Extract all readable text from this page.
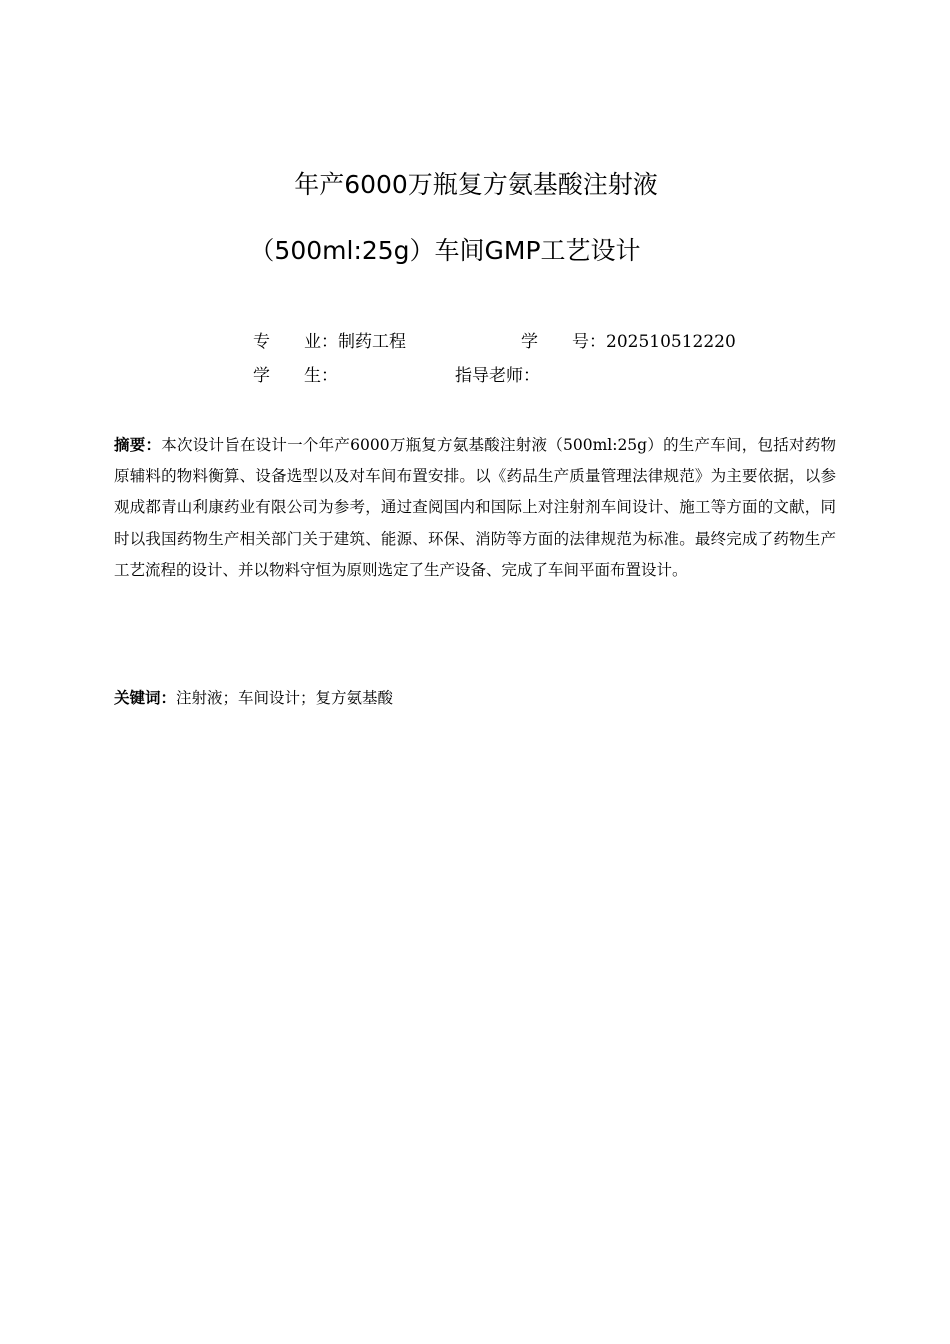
年产6000万瓶复方氨基酸注射液
（500ml:25g）车间GMP工艺设计
专业：制药工程	学号：202510512220
学生：	指导老师：
摘要：本次设计旨在设计一个年产6000万瓶复方氨基酸注射液（500ml:25g）的生产车间，包括对药物原辅料的物料衡算、设备选型以及对车间布置安排。以《药品生产质量管理法律规范》为主要依据，以参观成都青山利康药业有限公司为参考，通过查阅国内和国际上对注射剂车间设计、施工等方面的文献，同时以我国药物生产相关部门关于建筑、能源、环保、消防等方面的法律规范为标准。最终完成了药物生产工艺流程的设计、并以物料守恒为原则选定了生产设备、完成了车间平面布置设计。
关键词：注射液；车间设计；复方氨基酸
